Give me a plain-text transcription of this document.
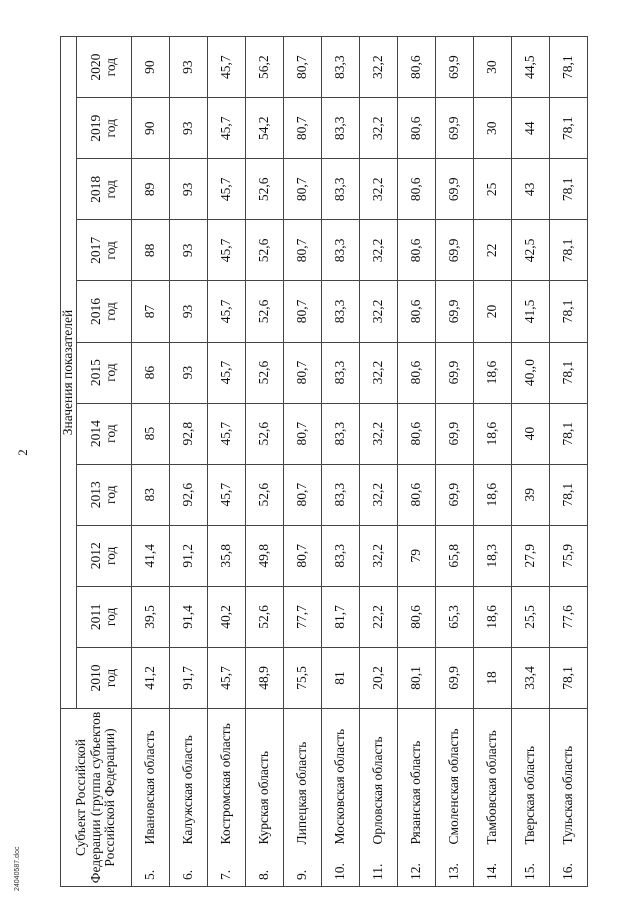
2
Субъект Российской Федерации (группа субъектов Российской Федерации)		Значения показателей										

		2010 год	2011 год	2012 год	2013 год	2014 год	2015 год	2016 год	2017 год	2018 год	2019 год	2020 год

5.	Ивановская область	41,2	39,5	41,4	83	85	86	87	88	89	90	90
6.	Калужская область	91,7	91,4	91,2	92,6	92,8	93	93	93	93	93	93
7.	Костромская область	45,7	40,2	35,8	45,7	45,7	45,7	45,7	45,7	45,7	45,7	45,7
8.	Курская область	48,9	52,6	49,8	52,6	52,6	52,6	52,6	52,6	52,6	54,2	56,2
9.	Липецкая область	75,5	77,7	80,7	80,7	80,7	80,7	80,7	80,7	80,7	80,7	80,7
10.	Московская область	81	81,7	83,3	83,3	83,3	83,3	83,3	83,3	83,3	83,3	83,3
11.	Орловская область	20,2	22,2	32,2	32,2	32,2	32,2	32,2	32,2	32,2	32,2	32,2
12.	Рязанская область	80,1	80,6	79	80,6	80,6	80,6	80,6	80,6	80,6	80,6	80,6
13.	Смоленская область	69,9	65,3	65,8	69,9	69,9	69,9	69,9	69,9	69,9	69,9	69,9
14.	Тамбовская область	18	18,6	18,3	18,6	18,6	18,6	20	22	25	30	30
15.	Тверская область	33,4	25,5	27,9	39	40	40,,0	41,5	42,5	43	44	44,5
16.	Тульская область	78,1	77,6	75,9	78,1	78,1	78,1	78,1	78,1	78,1	78,1	78,1
24040587.doc
